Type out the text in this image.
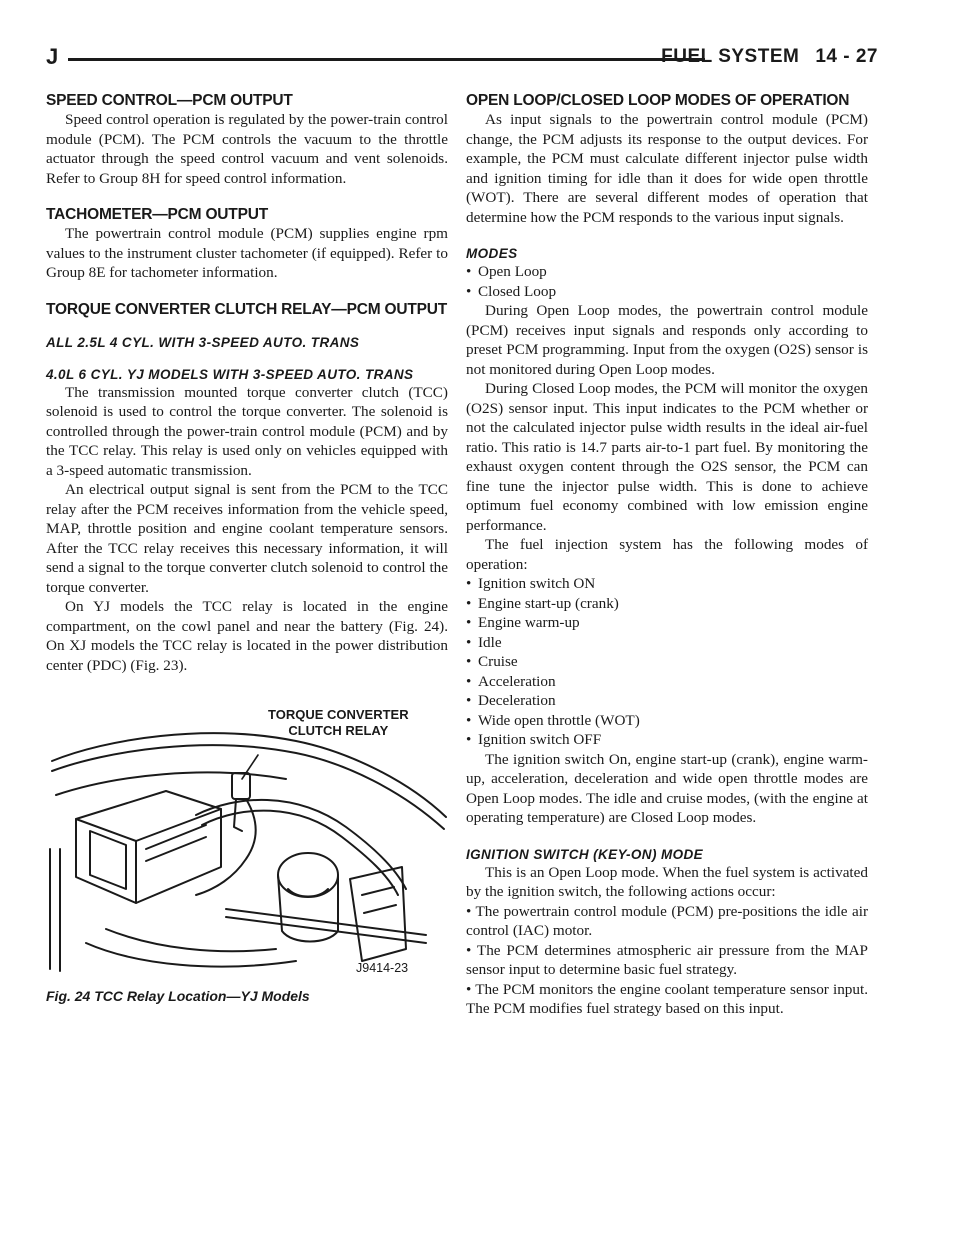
J	FUEL SYSTEM 14 - 27
SPEED CONTROL—PCM OUTPUT

Speed control operation is regulated by the power-train control module (PCM). The PCM controls the vacuum to the throttle actuator through the speed control vacuum and vent solenoids. Refer to Group 8H for speed control information.

TACHOMETER—PCM OUTPUT

The powertrain control module (PCM) supplies engine rpm values to the instrument cluster tachometer (if equipped). Refer to Group 8E for tachometer information.

TORQUE CONVERTER CLUTCH RELAY—PCM OUTPUT
ALL 2.5L 4 CYL. WITH 3-SPEED AUTO. TRANS
4.0L 6 CYL. YJ MODELS WITH 3-SPEED AUTO. TRANS

The transmission mounted torque converter clutch (TCC) solenoid is used to control the torque converter. The solenoid is controlled through the power-train control module (PCM) and by the TCC relay. This relay is used only on vehicles equipped with a 3-speed automatic transmission.

An electrical output signal is sent from the PCM to the TCC relay after the PCM receives information from the vehicle speed, MAP, throttle position and engine coolant temperature sensors. After the TCC relay receives this necessary information, it will send a signal to the torque converter clutch solenoid to control the torque converter.

On YJ models the TCC relay is located in the engine compartment, on the cowl panel and near the battery (Fig. 24). On XJ models the TCC relay is located in the power distribution center (PDC) (Fig. 23).

TORQUE CONVERTER
CLUTCH RELAY
J9414-23
Fig. 24 TCC Relay Location—YJ Models
OPEN LOOP/CLOSED LOOP MODES OF OPERATION

As input signals to the powertrain control module (PCM) change, the PCM adjusts its response to the output devices. For example, the PCM must calculate different injector pulse width and ignition timing for idle than it does for wide open throttle (WOT). There are several different modes of operation that determine how the PCM responds to the various input signals.

MODES
• Open Loop
• Closed Loop

During Open Loop modes, the powertrain control module (PCM) receives input signals and responds only according to preset PCM programming. Input from the oxygen (O2S) sensor is not monitored during Open Loop modes.

During Closed Loop modes, the PCM will monitor the oxygen (O2S) sensor input. This input indicates to the PCM whether or not the calculated injector pulse width results in the ideal air-fuel ratio. This ratio is 14.7 parts air-to-1 part fuel. By monitoring the exhaust oxygen content through the O2S sensor, the PCM can fine tune the injector pulse width. This is done to achieve optimum fuel economy combined with low emission engine performance.

The fuel injection system has the following modes of operation:

• Ignition switch ON
• Engine start-up (crank)
• Engine warm-up
• Idle
• Cruise
• Acceleration
• Deceleration
• Wide open throttle (WOT)
• Ignition switch OFF

The ignition switch On, engine start-up (crank), engine warm-up, acceleration, deceleration and wide open throttle modes are Open Loop modes. The idle and cruise modes, (with the engine at operating temperature) are Closed Loop modes.

IGNITION SWITCH (KEY-ON) MODE

This is an Open Loop mode. When the fuel system is activated by the ignition switch, the following actions occur:

• The powertrain control module (PCM) pre-positions the idle air control (IAC) motor.
• The PCM determines atmospheric air pressure from the MAP sensor input to determine basic fuel strategy.
• The PCM monitors the engine coolant temperature sensor input. The PCM modifies fuel strategy based on this input.
